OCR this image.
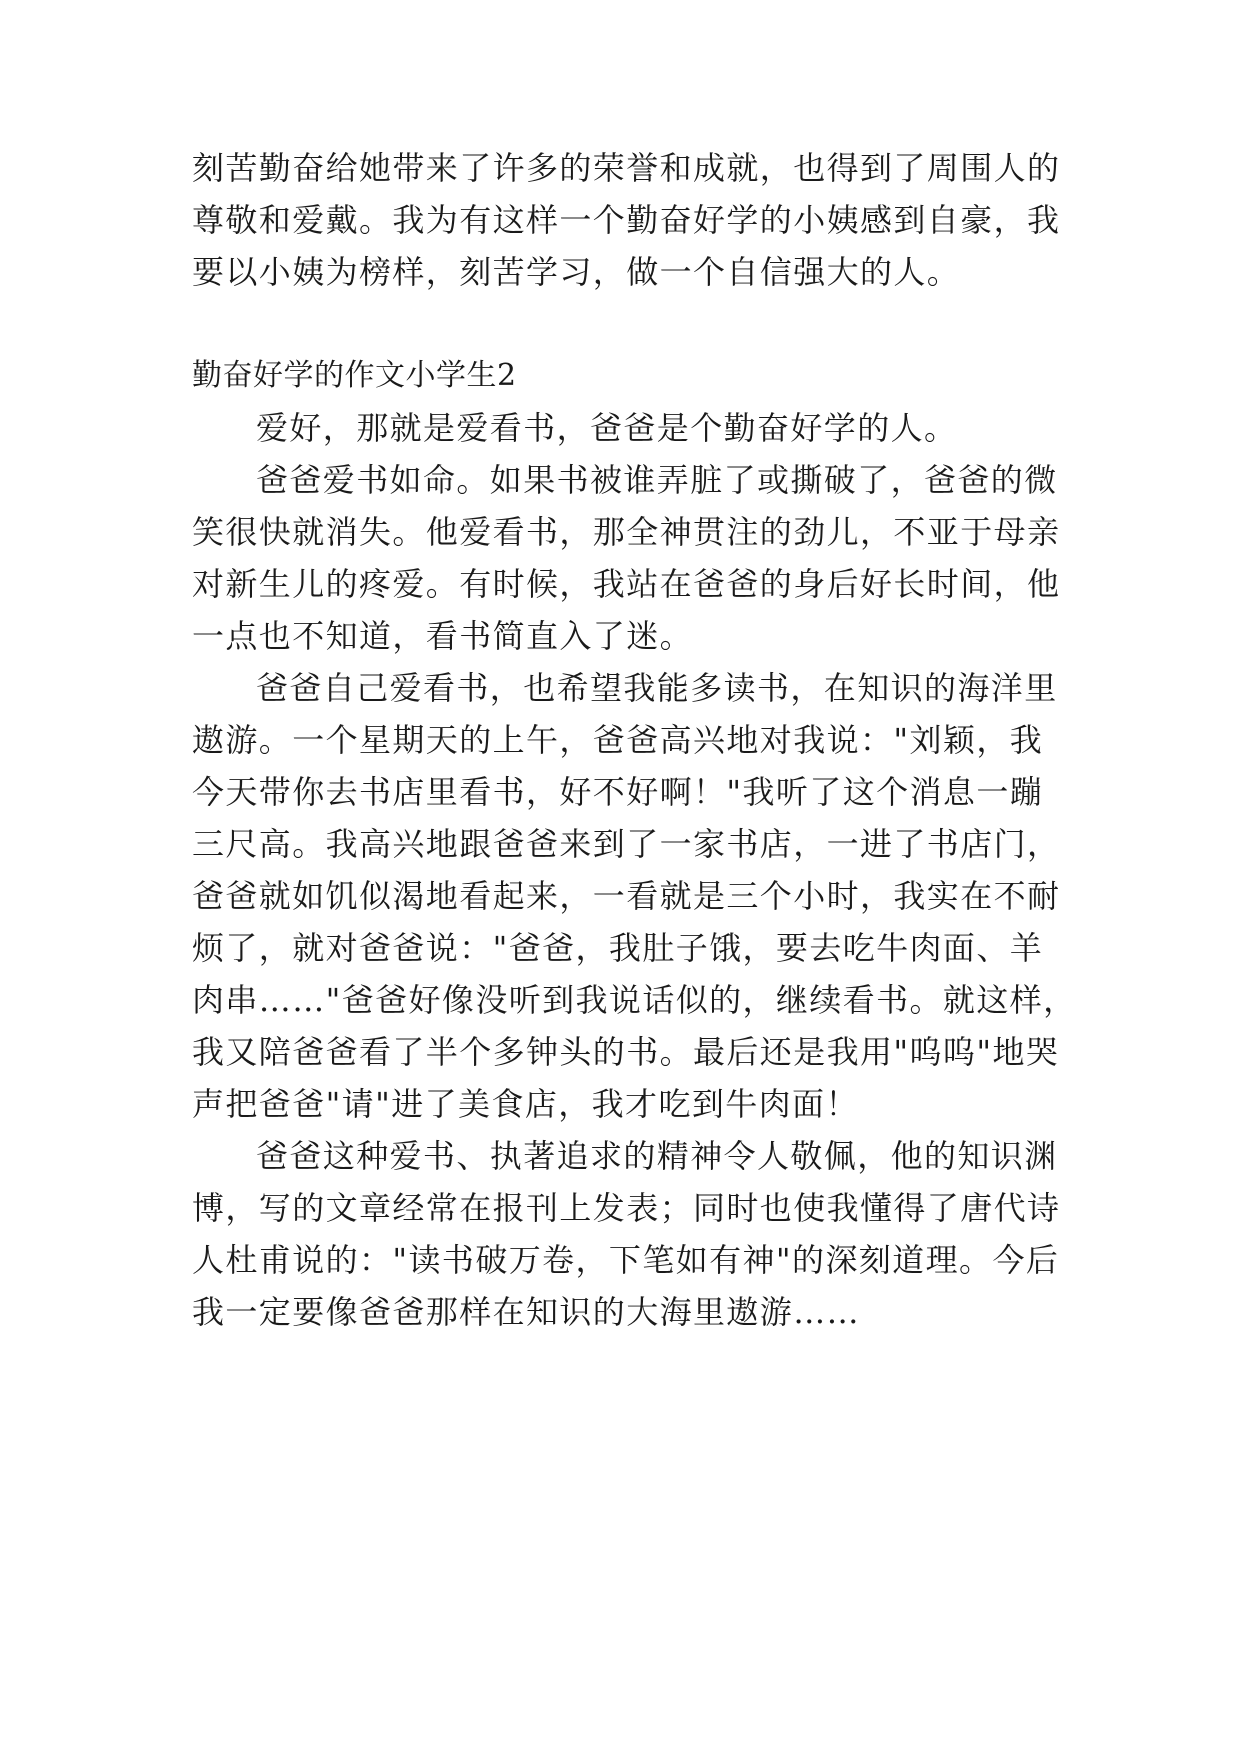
刻苦勤奋给她带来了许多的荣誉和成就，也得到了周围人的
尊敬和爱戴。我为有这样一个勤奋好学的小姨感到自豪，我
要以小姨为榜样，刻苦学习，做一个自信强大的人。
勤奋好学的作文小学生2
爱好，那就是爱看书，爸爸是个勤奋好学的人。
爸爸爱书如命。如果书被谁弄脏了或撕破了，爸爸的微
笑很快就消失。他爱看书，那全神贯注的劲儿，不亚于母亲
对新生儿的疼爱。有时候，我站在爸爸的身后好长时间，他
一点也不知道，看书简直入了迷。
爸爸自己爱看书，也希望我能多读书，在知识的海洋里
遨游。一个星期天的上午，爸爸高兴地对我说："刘颖，我
今天带你去书店里看书，好不好啊！"我听了这个消息一蹦
三尺高。我高兴地跟爸爸来到了一家书店，一进了书店门，
爸爸就如饥似渴地看起来，一看就是三个小时，我实在不耐
烦了，就对爸爸说："爸爸，我肚子饿，要去吃牛肉面、羊
肉串……"爸爸好像没听到我说话似的，继续看书。就这样，
我又陪爸爸看了半个多钟头的书。最后还是我用"呜呜"地哭
声把爸爸"请"进了美食店，我才吃到牛肉面！
爸爸这种爱书、执著追求的精神令人敬佩，他的知识渊
博，写的文章经常在报刊上发表；同时也使我懂得了唐代诗
人杜甫说的："读书破万卷，下笔如有神"的深刻道理。今后
我一定要像爸爸那样在知识的大海里遨游……
